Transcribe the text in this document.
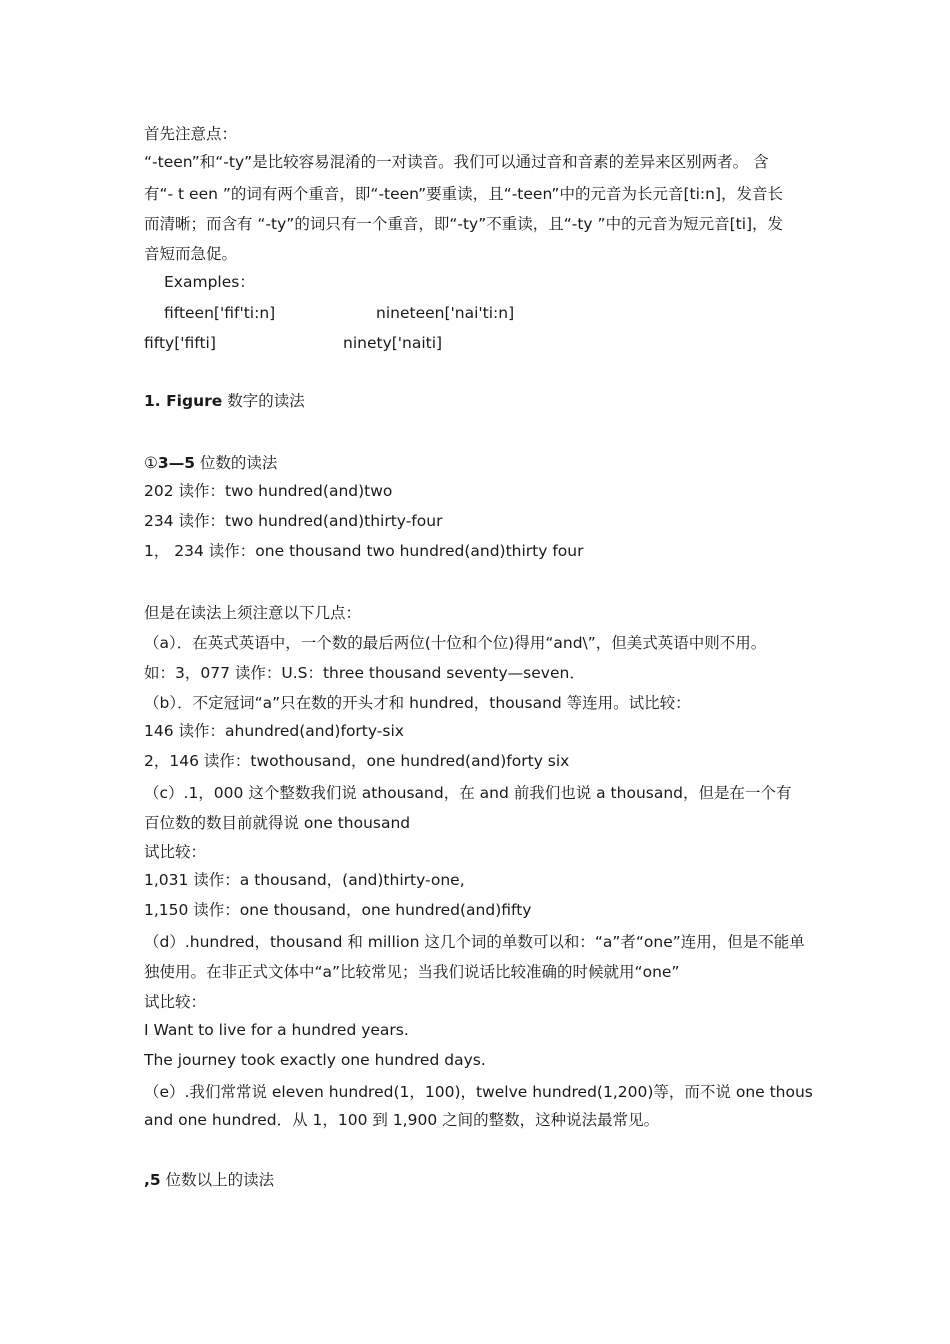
首先注意点：
“-teen”和“-ty”是比较容易混淆的一对读音。我们可以通过音和音素的差异来区别两者。 含
有“- t een ”的词有两个重音，即“-teen”要重读，且“-teen”中的元音为长元音[ti:n]，发音长
而清晰；而含有 “-ty”的词只有一个重音，即“-ty”不重读，且“-ty ”中的元音为短元音[ti]，发
音短而急促。
Examples：
fifteen['fif'ti:n]	nineteen['nai'ti:n]
fifty['fifti]	ninety['naiti]
1. Figure 数字的读法
①3—5 位数的读法
202 读作：two hundred(and)two
234 读作：two hundred(and)thirty-four
1， 234 读作：one thousand two hundred(and)thirty four
但是在读法上须注意以下几点：
（a）．在英式英语中，一个数的最后两位(十位和个位)得用“and\”，但美式英语中则不用。
如：3，077 读作：U.S：three thousand seventy—seven．
（b）．不定冠词“a”只在数的开头才和 hundred，thousand 等连用。试比较：
146 读作：ahundred(and)forty-six
2，146 读作：twothousand，one hundred(and)forty six
（c）.1，000 这个整数我们说 athousand，在 and 前我们也说 a thousand，但是在一个有
百位数的数目前就得说 one thousand
试比较：
1,031 读作：a thousand，(and)thirty-one,
1,150 读作：one thousand，one hundred(and)fifty
（d）.hundred，thousand 和 million 这几个词的单数可以和：“a”者“one”连用，但是不能单
独使用。在非正式文体中“a”比较常见；当我们说话比较准确的时候就用“one”
试比较：
I Want to live for a hundred years.
The journey took exactly one hundred days.
（e）.我们常常说 eleven hundred(1，100)，twelve hundred(1,200)等，而不说 one thous
and one hundred．从 1，100 到 1,900 之间的整数，这种说法最常见。
,5 位数以上的读法
